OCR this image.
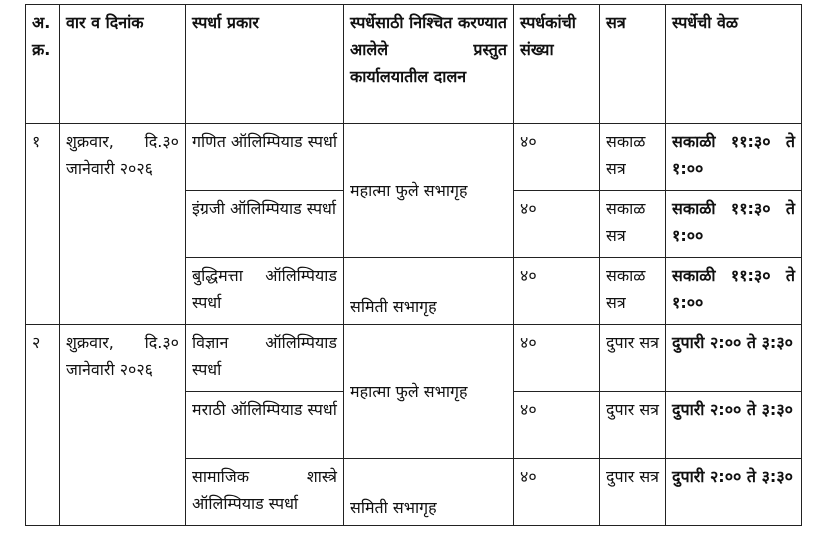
अ. क्र.	वार व दिनांक	स्पर्धा प्रकार	स्पर्धेसाठी निश्चित करण्यात आलेले प्रस्तुत कार्यालयातील दालन	स्पर्धकांची संख्या	सत्र	स्पर्धेची वेळ
१	शुक्रवार, दि.३० जानेवारी २०२६	गणित ऑलिम्पियाड स्पर्धा	महात्मा फुले सभागृह	४०	सकाळ सत्र	सकाळी ११:३० ते १:००
		इंग्रजी ऑलिम्पियाड स्पर्धा		४०	सकाळ सत्र	सकाळी ११:३० ते १:००
		बुद्धिमत्ता ऑलिम्पियाड स्पर्धा	समिती सभागृह	४०	सकाळ सत्र	सकाळी ११:३० ते १:००
२	शुक्रवार, दि.३० जानेवारी २०२६	विज्ञान ऑलिम्पियाड स्पर्धा	महात्मा फुले सभागृह	४०	दुपार सत्र	दुपारी २:०० ते ३:३०
		मराठी ऑलिम्पियाड स्पर्धा		४०	दुपार सत्र	दुपारी २:०० ते ३:३०
		सामाजिक शास्त्रे ऑलिम्पियाड स्पर्धा	समिती सभागृह	४०	दुपार सत्र	दुपारी २:०० ते ३:३०
